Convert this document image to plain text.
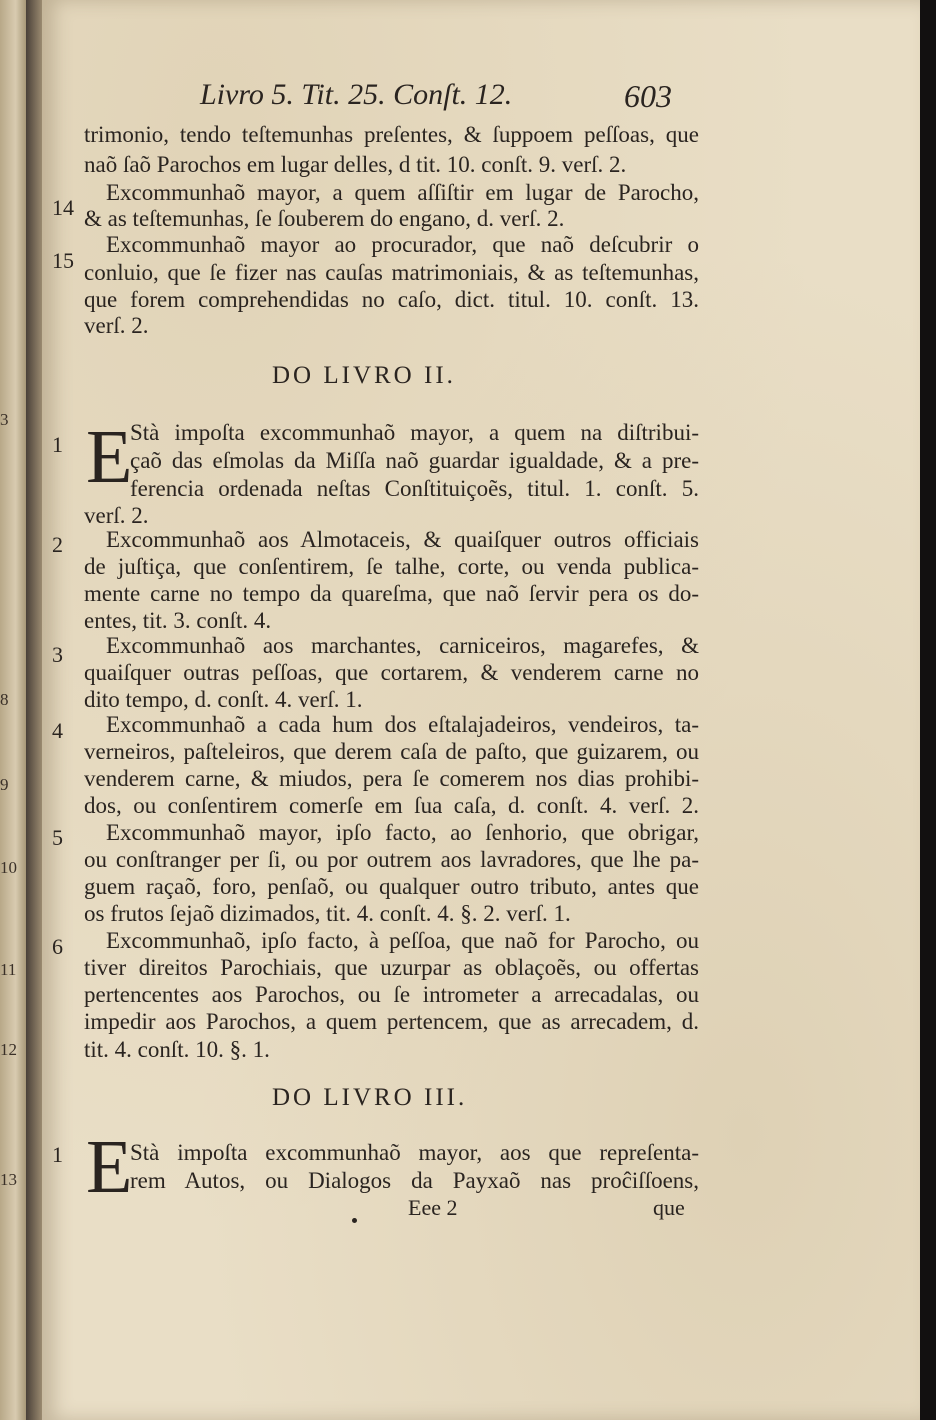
3
8
9
10
11
12
13
Livro 5. Tit. 25. Conſt. 12.	603
trimonio, tendo teſtemunhas preſentes, & ſuppoem peſſoas, que
naõ ſaõ Parochos em lugar delles, d tit. 10. conſt. 9. verſ. 2.
14
Excommunhaõ mayor, a quem aſſiſtir em lugar de Parocho,
& as teſtemunhas, ſe ſouberem do engano, d. verſ. 2.
15
Excommunhaõ mayor ao procurador, que naõ deſcubrir o
conluio, que ſe fizer nas cauſas matrimoniais, & as teſtemunhas,
que forem comprehendidas no caſo, dict. titul. 10. conſt. 13.
verſ. 2.
DO LIVRO II.
1 E
Stà impoſta excommunhaõ mayor, a quem na diſtribui-
çaõ das eſmolas da Miſſa naõ guardar igualdade, & a pre-
ferencia ordenada neſtas Conſtituiçoẽs, titul. 1. conſt. 5.
verſ. 2.
2	Excommunhaõ aos Almotaceis, & quaiſquer outros officiais
de juſtiça, que conſentirem, ſe talhe, corte, ou venda publica-
mente carne no tempo da quareſma, que naõ ſervir pera os do-
entes, tit. 3. conſt. 4.
3	Excommunhaõ aos marchantes, carniceiros, magarefes, &
quaiſquer outras peſſoas, que cortarem, & venderem carne no
dito tempo, d. conſt. 4. verſ. 1.
4	Excommunhaõ a cada hum dos eſtalajadeiros, vendeiros, ta-
verneiros, paſteleiros, que derem caſa de paſto, que guizarem, ou
venderem carne, & miudos, pera ſe comerem nos dias prohibi-
dos, ou conſentirem comerſe em ſua caſa, d. conſt. 4. verſ. 2.
5	Excommunhaõ mayor, ipſo facto, ao ſenhorio, que obrigar,
ou conſtranger per ſi, ou por outrem aos lavradores, que lhe pa-
guem raçaõ, foro, penſaõ, ou qualquer outro tributo, antes que
os frutos ſejaõ dizimados, tit. 4. conſt. 4. §. 2. verſ. 1.
6	Excommunhaõ, ipſo facto, à peſſoa, que naõ for Parocho, ou
tiver direitos Parochiais, que uzurpar as oblaçoẽs, ou offertas
pertencentes aos Parochos, ou ſe intrometer a arrecadalas, ou
impedir aos Parochos, a quem pertencem, que as arrecadem, d.
tit. 4. conſt. 10. §. 1.
DO LIVRO III.
1 E
Stà impoſta excommunhaõ mayor, aos que repreſenta-
rem Autos, ou Dialogos da Payxaõ nas proĉiſſoens,
Eee 2	que
